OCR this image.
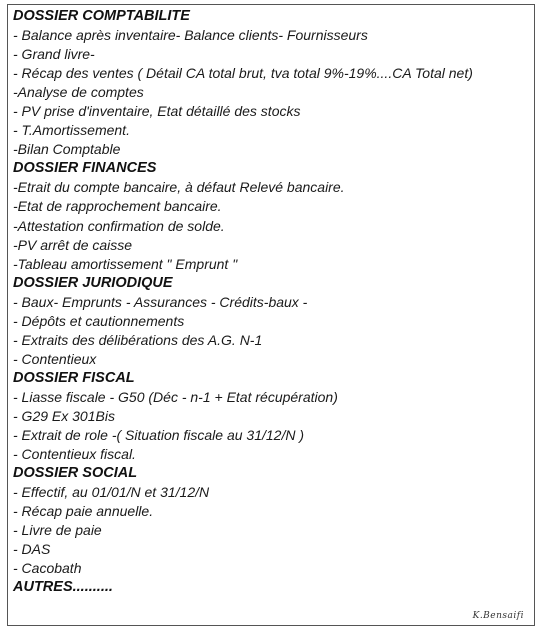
DOSSIER COMPTABILITE
- Balance après inventaire- Balance clients- Fournisseurs
- Grand livre-
- Récap des ventes ( Détail CA total brut, tva total 9%-19%....CA Total net)
-Analyse de comptes
- PV prise d'inventaire, Etat détaillé des stocks
- T.Amortissement.
-Bilan Comptable
DOSSIER FINANCES
-Etrait du compte bancaire, à défaut Relevé bancaire.
-Etat de rapprochement bancaire.
-Attestation confirmation de solde.
-PV arrêt de caisse
-Tableau amortissement " Emprunt "
DOSSIER JURIODIQUE
- Baux- Emprunts - Assurances - Crédits-baux -
- Dépôts et cautionnements
- Extraits des délibérations des A.G. N-1
- Contentieux
DOSSIER FISCAL
- Liasse fiscale - G50 (Déc - n-1 + Etat récupération)
- G29 Ex 301Bis
- Extrait de role -( Situation fiscale au 31/12/N )
- Contentieux fiscal.
DOSSIER SOCIAL
- Effectif, au 01/01/N et 31/12/N
- Récap paie annuelle.
- Livre de paie
- DAS
- Cacobath
AUTRES..........
K.Bensaifi
